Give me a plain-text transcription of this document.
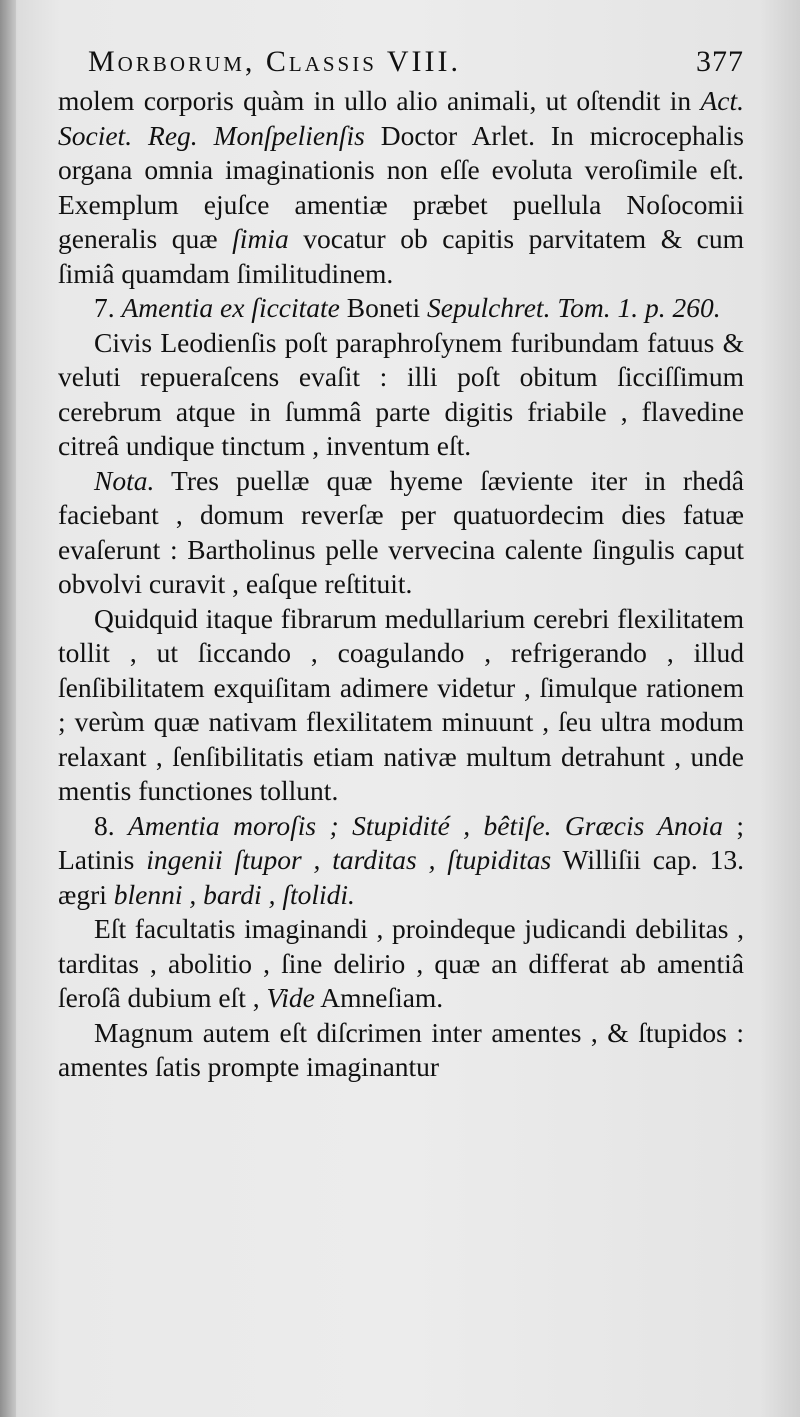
Morborum, Classis VIII.	377

molem corporis quàm in ullo alio animali, ut oſtendit in Act. Societ. Reg. Monſpelienſis Doctor Arlet. In microcephalis organa omnia imaginationis non eſſe evoluta veroſimile eſt. Exemplum ejuſce amentiæ præbet puellula Noſocomii generalis quæ ſimia vocatur ob capitis parvitatem & cum ſimiâ quamdam ſimilitudinem.

7. Amentia ex ſiccitate Boneti Sepulchret. Tom. 1. p. 260.

Civis Leodienſis poſt paraphroſynem furibundam fatuus & veluti repueraſcens evaſit : illi poſt obitum ſicciſſimum cerebrum atque in ſummâ parte digitis friabile , flavedine citreâ undique tinctum , inventum eſt.

Nota. Tres puellæ quæ hyeme ſæviente iter in rhedâ faciebant , domum reverſæ per quatuordecim dies fatuæ evaſerunt : Bartholinus pelle vervecina calente ſingulis caput obvolvi curavit , eaſque reſtituit.

Quidquid itaque fibrarum medullarium cerebri flexilitatem tollit , ut ſiccando , coagulando , refrigerando , illud ſenſibilitatem exquiſitam adimere videtur , ſimulque rationem ; verùm quæ nativam flexilitatem minuunt , ſeu ultra modum relaxant , ſenſibilitatis etiam nativæ multum detrahunt , unde mentis functiones tollunt.

8. Amentia moroſis ; Stupidité , bêtiſe. Græcis Anoia ; Latinis ingenii ſtupor , tarditas , ſtupiditas Williſii cap. 13. ægri blenni , bardi , ſtolidi.

Eſt facultatis imaginandi , proindeque judicandi debilitas , tarditas , abolitio , ſine delirio , quæ an differat ab amentiâ ſeroſâ dubium eſt , Vide Amneſiam.

Magnum autem eſt diſcrimen inter amentes , & ſtupidos : amentes ſatis prompte imaginantur
